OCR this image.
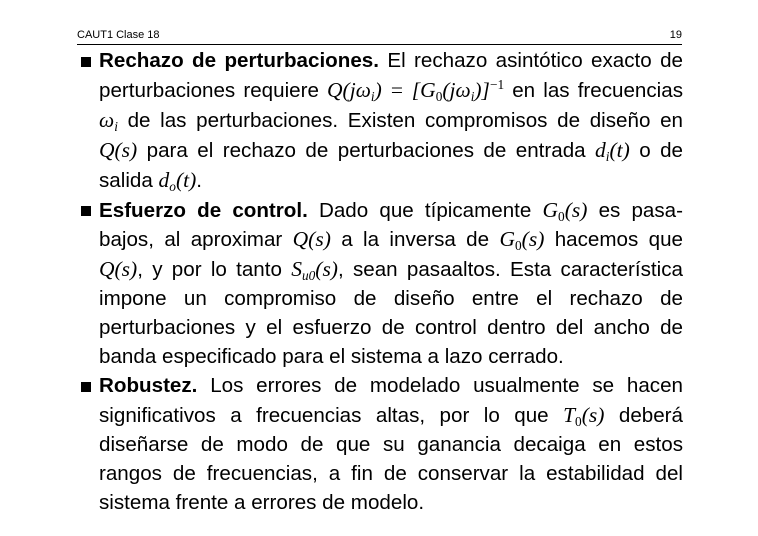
CAUT1 Clase 18	19
Rechazo de perturbaciones. El rechazo asintótico exacto de perturbaciones requiere $Q(j\omega_i) = [G_0(j\omega_i)]^{-1}$ en las frecuencias $\omega_i$ de las perturbaciones. Existen compromisos de diseño en Q(s) para el rechazo de perturbaciones de entrada $d_i(t)$ o de salida $d_o(t)$.
Esfuerzo de control. Dado que típicamente $G_0(s)$ es pasabajos, al aproximar Q(s) a la inversa de $G_0(s)$ hacemos que Q(s), y por lo tanto $S_{u0}(s)$, sean pasaaltos. Esta característica impone un compromiso de diseño entre el rechazo de perturbaciones y el esfuerzo de control dentro del ancho de banda especificado para el sistema a lazo cerrado.
Robustez. Los errores de modelado usualmente se hacen significativos a frecuencias altas, por lo que $T_0(s)$ deberá diseñarse de modo de que su ganancia decaiga en estos rangos de frecuencias, a fin de conservar la estabilidad del sistema frente a errores de modelo.
